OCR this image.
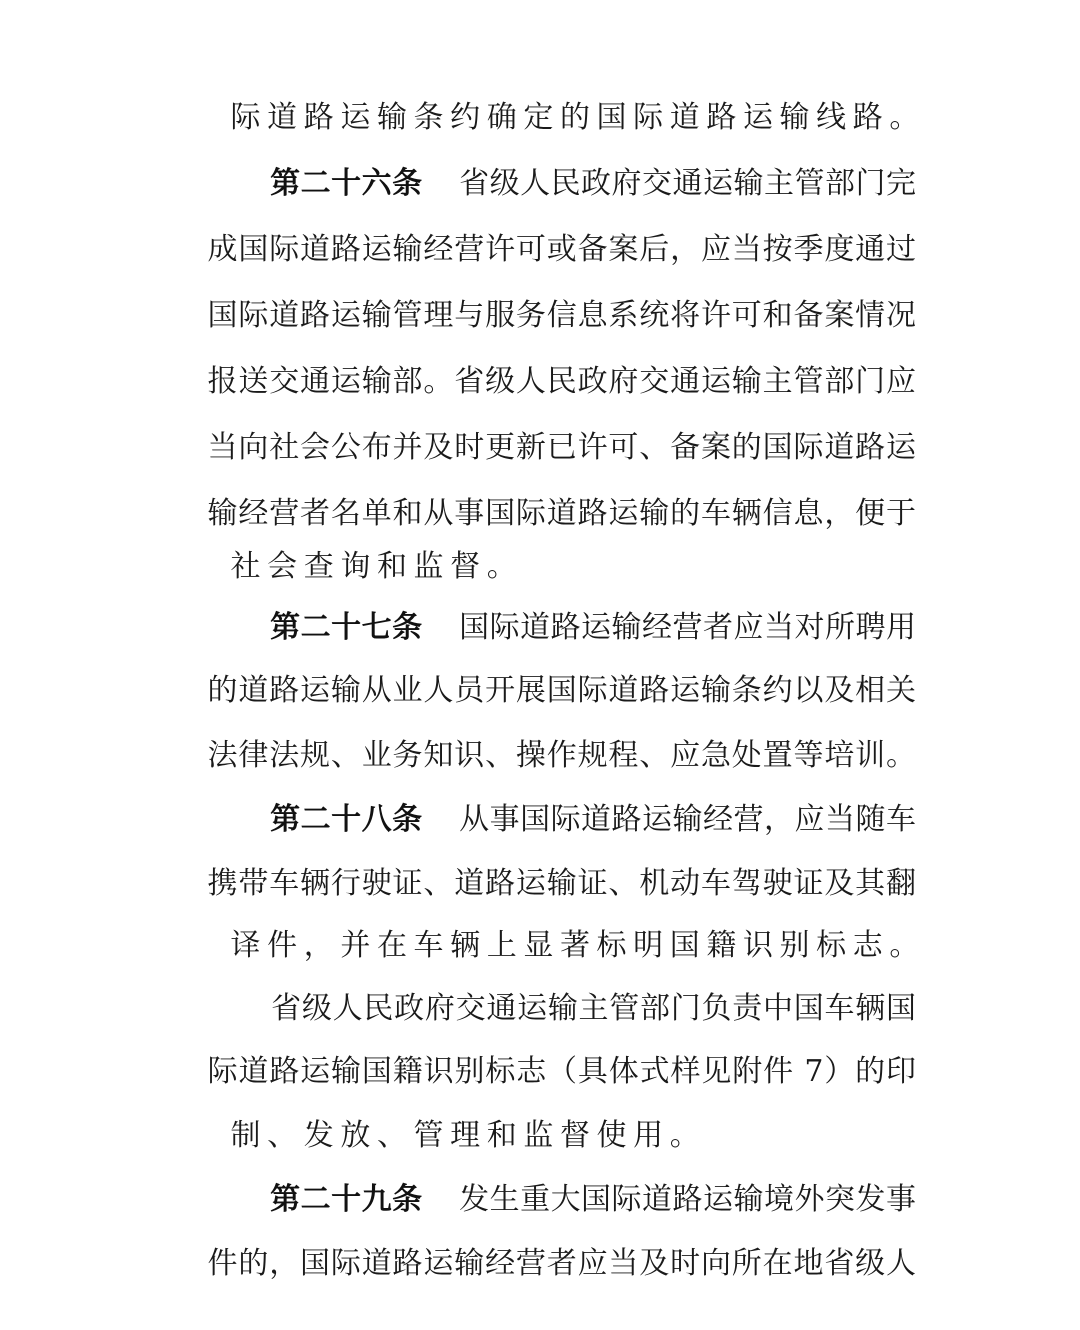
际道路运输条约确定的国际道路运输线路。

第二十六条 省级人民政府交通运输主管部门完

成国际道路运输经营许可或备案后，应当按季度通过

国际道路运输管理与服务信息系统将许可和备案情况

报送交通运输部。省级人民政府交通运输主管部门应

当向社会公布并及时更新已许可、备案的国际道路运

输经营者名单和从事国际道路运输的车辆信息，便于

社会查询和监督。

第二十七条 国际道路运输经营者应当对所聘用

的道路运输从业人员开展国际道路运输条约以及相关

法律法规、业务知识、操作规程、应急处置等培训。

第二十八条 从事国际道路运输经营，应当随车

携带车辆行驶证、道路运输证、机动车驾驶证及其翻

译件，并在车辆上显著标明国籍识别标志。

省级人民政府交通运输主管部门负责中国车辆国

际道路运输国籍识别标志（具体式样见附件 7）的印

制、发放、管理和监督使用。

第二十九条 发生重大国际道路运输境外突发事

件的，国际道路运输经营者应当及时向所在地省级人
